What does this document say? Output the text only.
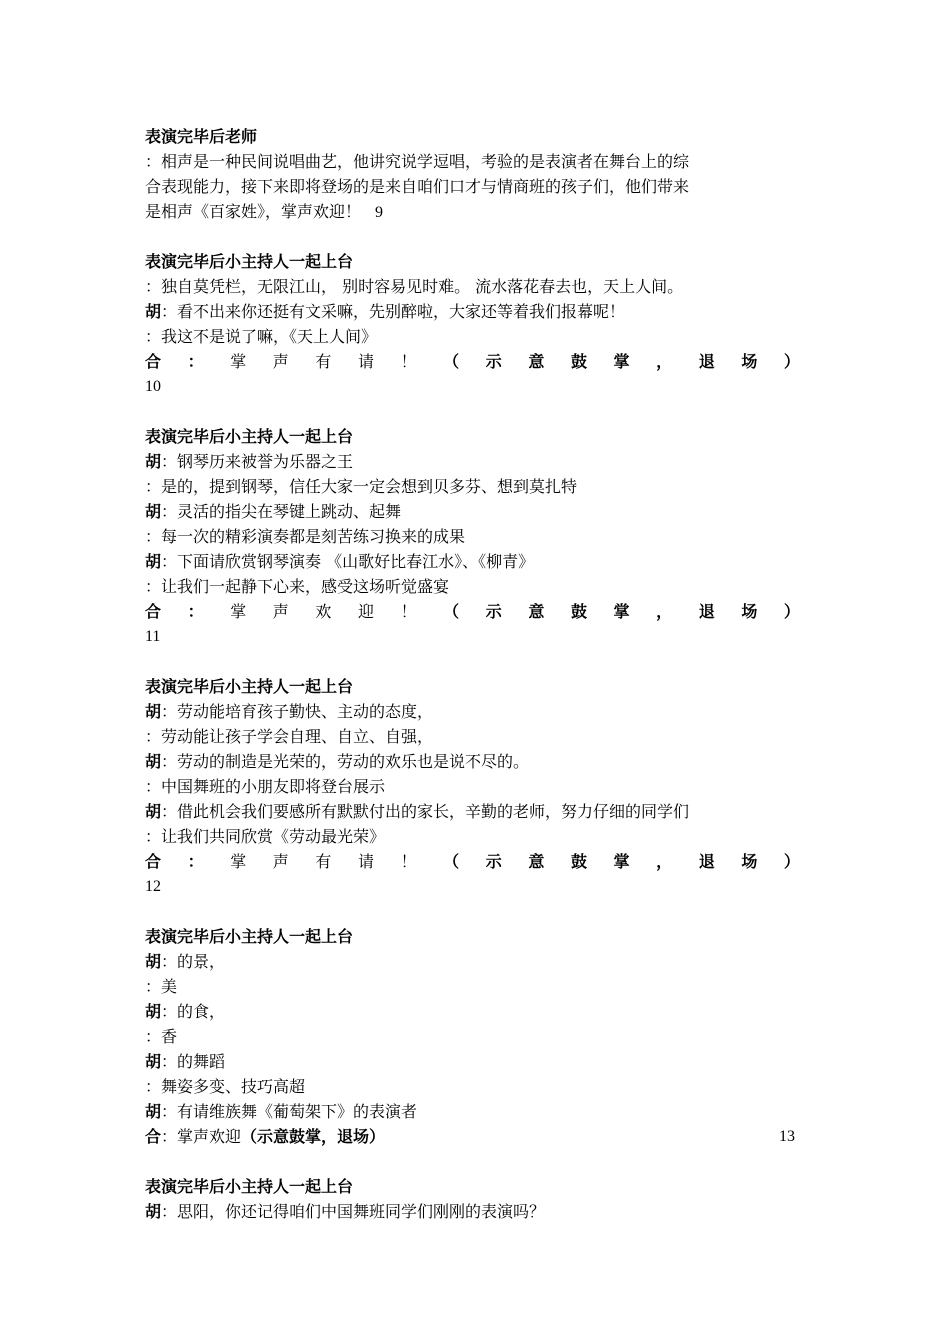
表演完毕后老师
：相声是一种民间说唱曲艺，他讲究说学逗唱，考验的是表演者在舞台上的综
合表现能力，接下来即将登场的是来自咱们口才与情商班的孩子们，他们带来
是相声《百家姓》，掌声欢迎！ 9
表演完毕后小主持人一起上台
：独自莫凭栏，无限江山， 别时容易见时难。 流水落花春去也，天上人间。
胡：看不出来你还挺有文采嘛，先别醉啦，大家还等着我们报幕呢！
：我这不是说了嘛，《天上人间》
合 ： 掌 声 有 请 ！ （ 示 意 鼓 掌 ， 退 场 ）
10
表演完毕后小主持人一起上台
胡：钢琴历来被誉为乐器之王
：是的，提到钢琴，信任大家一定会想到贝多芬、想到莫扎特
胡：灵活的指尖在琴键上跳动、起舞
：每一次的精彩演奏都是刻苦练习换来的成果
胡：下面请欣赏钢琴演奏 《山歌好比春江水》、《柳青》
：让我们一起静下心来，感受这场听觉盛宴
合 ： 掌 声 欢 迎 ！ （ 示 意 鼓 掌 ， 退 场 ）
11
表演完毕后小主持人一起上台
胡：劳动能培育孩子勤快、主动的态度，
：劳动能让孩子学会自理、自立、自强，
胡：劳动的制造是光荣的，劳动的欢乐也是说不尽的。
：中国舞班的小朋友即将登台展示
胡：借此机会我们要感所有默默付出的家长，辛勤的老师，努力仔细的同学们
：让我们共同欣赏《劳动最光荣》
合 ： 掌 声 有 请 ！ （ 示 意 鼓 掌 ， 退 场 ）
12
表演完毕后小主持人一起上台
胡：的景，
：美
胡：的食，
：香
胡：的舞蹈
：舞姿多变、技巧高超
胡：有请维族舞《葡萄架下》的表演者
合：掌声欢迎（示意鼓掌，退场）	13
表演完毕后小主持人一起上台
胡：思阳，你还记得咱们中国舞班同学们刚刚的表演吗？
